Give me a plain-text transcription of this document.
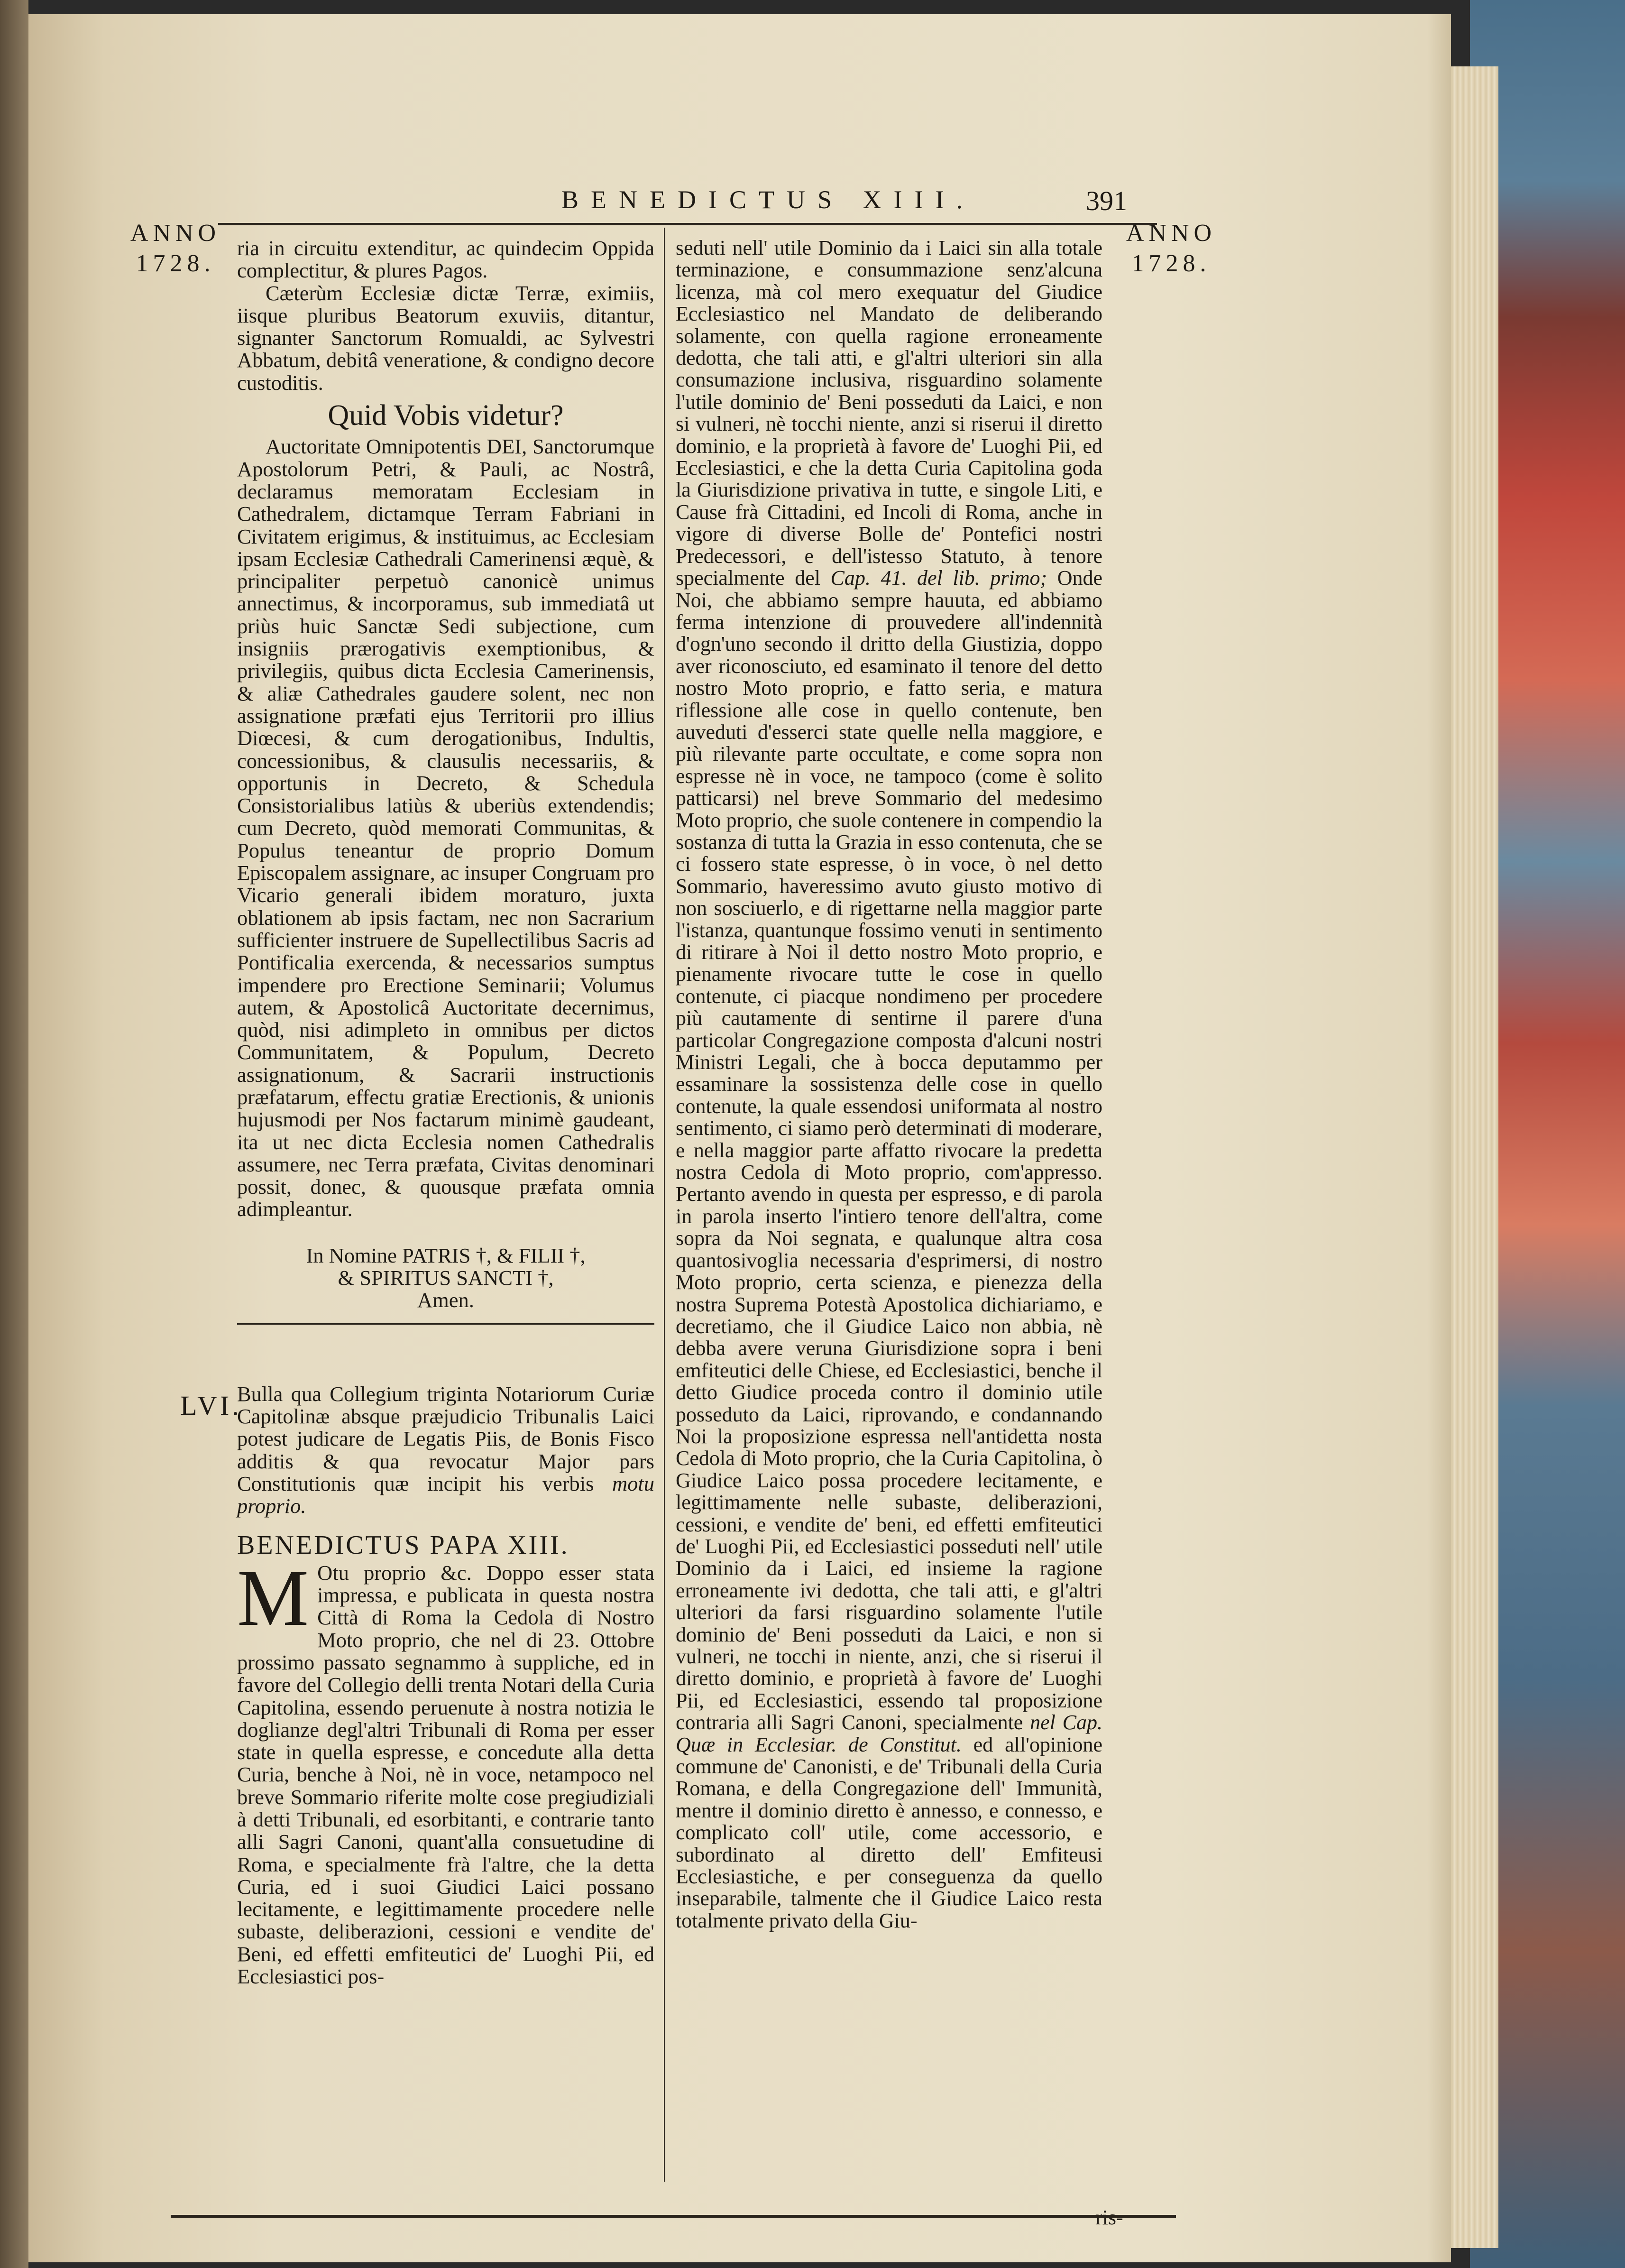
BENEDICTUS XIII.	391
ANNO
1728.
ANNO
1728.

ria in circuitu extenditur, ac quindecim Oppida complectitur, & plures Pagos.

Cæterùm Ecclesiæ dictæ Terræ, eximiis, iisque pluribus Beatorum exuviis, ditantur, signanter Sanctorum Romualdi, ac Sylvestri Abbatum, debitâ veneratione, & condigno decore custoditis.

Quid Vobis videtur?

Auctoritate Omnipotentis DEI, Sanctorumque Apostolorum Petri, & Pauli, ac Nostrâ, declaramus memoratam Ecclesiam in Cathedralem, dictamque Terram Fabriani in Civitatem erigimus, & instituimus, ac Ecclesiam ipsam Ecclesiæ Cathedrali Camerinensi æquè, & principaliter perpetuò canonicè unimus annectimus, & incorporamus, sub immediatâ ut priùs huic Sanctæ Sedi subjectione, cum insigniis prærogativis exemptionibus, & privilegiis, quibus dicta Ecclesia Camerinensis, & aliæ Cathedrales gaudere solent, nec non assignatione præfati ejus Territorii pro illius Diœcesi, & cum derogationibus, Indultis, concessionibus, & clausulis necessariis, & opportunis in Decreto, & Schedula Consistorialibus latiùs & uberiùs extendendis; cum Decreto, quòd memorati Communitas, & Populus teneantur de proprio Domum Episcopalem assignare, ac insuper Congruam pro Vicario generali ibidem moraturo, juxta oblationem ab ipsis factam, nec non Sacrarium sufficienter instruere de Supellectilibus Sacris ad Pontificalia exercenda, & necessarios sumptus impendere pro Erectione Seminarii; Volumus autem, & Apostolicâ Auctoritate decernimus, quòd, nisi adimpleto in omnibus per dictos Communitatem, & Populum, Decreto assignationum, & Sacrarii instructionis præfatarum, effectu gratiæ Erectionis, & unionis hujusmodi per Nos factarum minimè gaudeant, ita ut nec dicta Ecclesia nomen Cathedralis assumere, nec Terra præfata, Civitas denominari possit, donec, & quousque præfata omnia adimpleantur.

In Nomine PATRIS †, & FILII †,

& SPIRITUS SANCTI †,

Amen.

Bulla qua Collegium triginta Notariorum Curiæ Capitolinæ absque præjudicio Tribunalis Laici potest judicare de Legatis Piis, de Bonis Fisco additis & qua revocatur Major pars Constitutionis quæ incipit his verbis motu proprio.

BENEDICTUS PAPA XIII.

M Otu proprio &c. Doppo esser stata impressa, e publicata in questa nostra Città di Roma la Cedola di Nostro Moto proprio, che nel di 23. Ottobre prossimo passato segnammo à suppliche, ed in favore del Collegio delli trenta Notari della Curia Capitolina, essendo peruenute à nostra notizia le doglianze degl'altri Tribunali di Roma per esser state in quella espresse, e concedute alla detta Curia, benche à Noi, nè in voce, netampoco nel breve Sommario riferite molte cose pregiudiziali à detti Tribunali, ed esorbitanti, e contrarie tanto alli Sagri Canoni, quant'alla consuetudine di Roma, e specialmente frà l'altre, che la detta Curia, ed i suoi Giudici Laici possano lecitamente, e legittimamente procedere nelle subaste, deliberazioni, cessioni e vendite de' Beni, ed effetti emfiteutici de' Luoghi Pii, ed Ecclesiastici pos-

LVI.

seduti nell' utile Dominio da i Laici sin alla totale terminazione, e consummazione senz'alcuna licenza, mà col mero exequatur del Giudice Ecclesiastico nel Mandato de deliberando solamente, con quella ragione erroneamente dedotta, che tali atti, e gl'altri ulteriori sin alla consumazione inclusiva, risguardino solamente l'utile dominio de' Beni posseduti da Laici, e non si vulneri, nè tocchi niente, anzi si riserui il diretto dominio, e la proprietà à favore de' Luoghi Pii, ed Ecclesiastici, e che la detta Curia Capitolina goda la Giurisdizione privativa in tutte, e singole Liti, e Cause frà Cittadini, ed Incoli di Roma, anche in vigore di diverse Bolle de' Pontefici nostri Predecessori, e dell'istesso Statuto, à tenore specialmente del Cap. 41. del lib. primo; Onde Noi, che abbiamo sempre hauuta, ed abbiamo ferma intenzione di prouvedere all'indennità d'ogn'uno secondo il dritto della Giustizia, doppo aver riconosciuto, ed esaminato il tenore del detto nostro Moto proprio, e fatto seria, e matura riflessione alle cose in quello contenute, ben auveduti d'esserci state quelle nella maggiore, e più rilevante parte occultate, e come sopra non espresse nè in voce, ne tampoco (come è solito patticarsi) nel breve Sommario del medesimo Moto proprio, che suole contenere in compendio la sostanza di tutta la Grazia in esso contenuta, che se ci fossero state espresse, ò in voce, ò nel detto Sommario, haveressimo avuto giusto motivo di non sosciuerlo, e di rigettarne nella maggior parte l'istanza, quantunque fossimo venuti in sentimento di ritirare à Noi il detto nostro Moto proprio, e pienamente rivocare tutte le cose in quello contenute, ci piacque nondimeno per procedere più cautamente di sentirne il parere d'una particolar Congregazione composta d'alcuni nostri Ministri Legali, che à bocca deputammo per essaminare la sossistenza delle cose in quello contenute, la quale essendosi uniformata al nostro sentimento, ci siamo però determinati di moderare, e nella maggior parte affatto rivocare la predetta nostra Cedola di Moto proprio, com'appresso. Pertanto avendo in questa per espresso, e di parola in parola inserto l'intiero tenore dell'altra, come sopra da Noi segnata, e qualunque altra cosa quantosivoglia necessaria d'esprimersi, di nostro Moto proprio, certa scienza, e pienezza della nostra Suprema Potestà Apostolica dichiariamo, e decretiamo, che il Giudice Laico non abbia, nè debba avere veruna Giurisdizione sopra i beni emfiteutici delle Chiese, ed Ecclesiastici, benche il detto Giudice proceda contro il dominio utile posseduto da Laici, riprovando, e condannando Noi la proposizione espressa nell'antidetta nosta Cedola di Moto proprio, che la Curia Capitolina, ò Giudice Laico possa procedere lecitamente, e legittimamente nelle subaste, deliberazioni, cessioni, e vendite de' beni, ed effetti emfiteutici de' Luoghi Pii, ed Ecclesiastici posseduti nell' utile Dominio da i Laici, ed insieme la ragione erroneamente ivi dedotta, che tali atti, e gl'altri ulteriori da farsi risguardino solamente l'utile dominio de' Beni posseduti da Laici, e non si vulneri, ne tocchi in niente, anzi, che si riserui il diretto dominio, e proprietà à favore de' Luoghi Pii, ed Ecclesiastici, essendo tal proposizione contraria alli Sagri Canoni, specialmente nel Cap. Quæ in Ecclesiar. de Constitut. ed all'opinione commune de' Canonisti, e de' Tribunali della Curia Romana, e della Congregazione dell' Immunità, mentre il dominio diretto è annesso, e connesso, e complicato coll' utile, come accessorio, e subordinato al diretto dell' Emfiteusi Ecclesiastiche, e per conseguenza da quello inseparabile, talmente che il Giudice Laico resta totalmente privato della Giu-
